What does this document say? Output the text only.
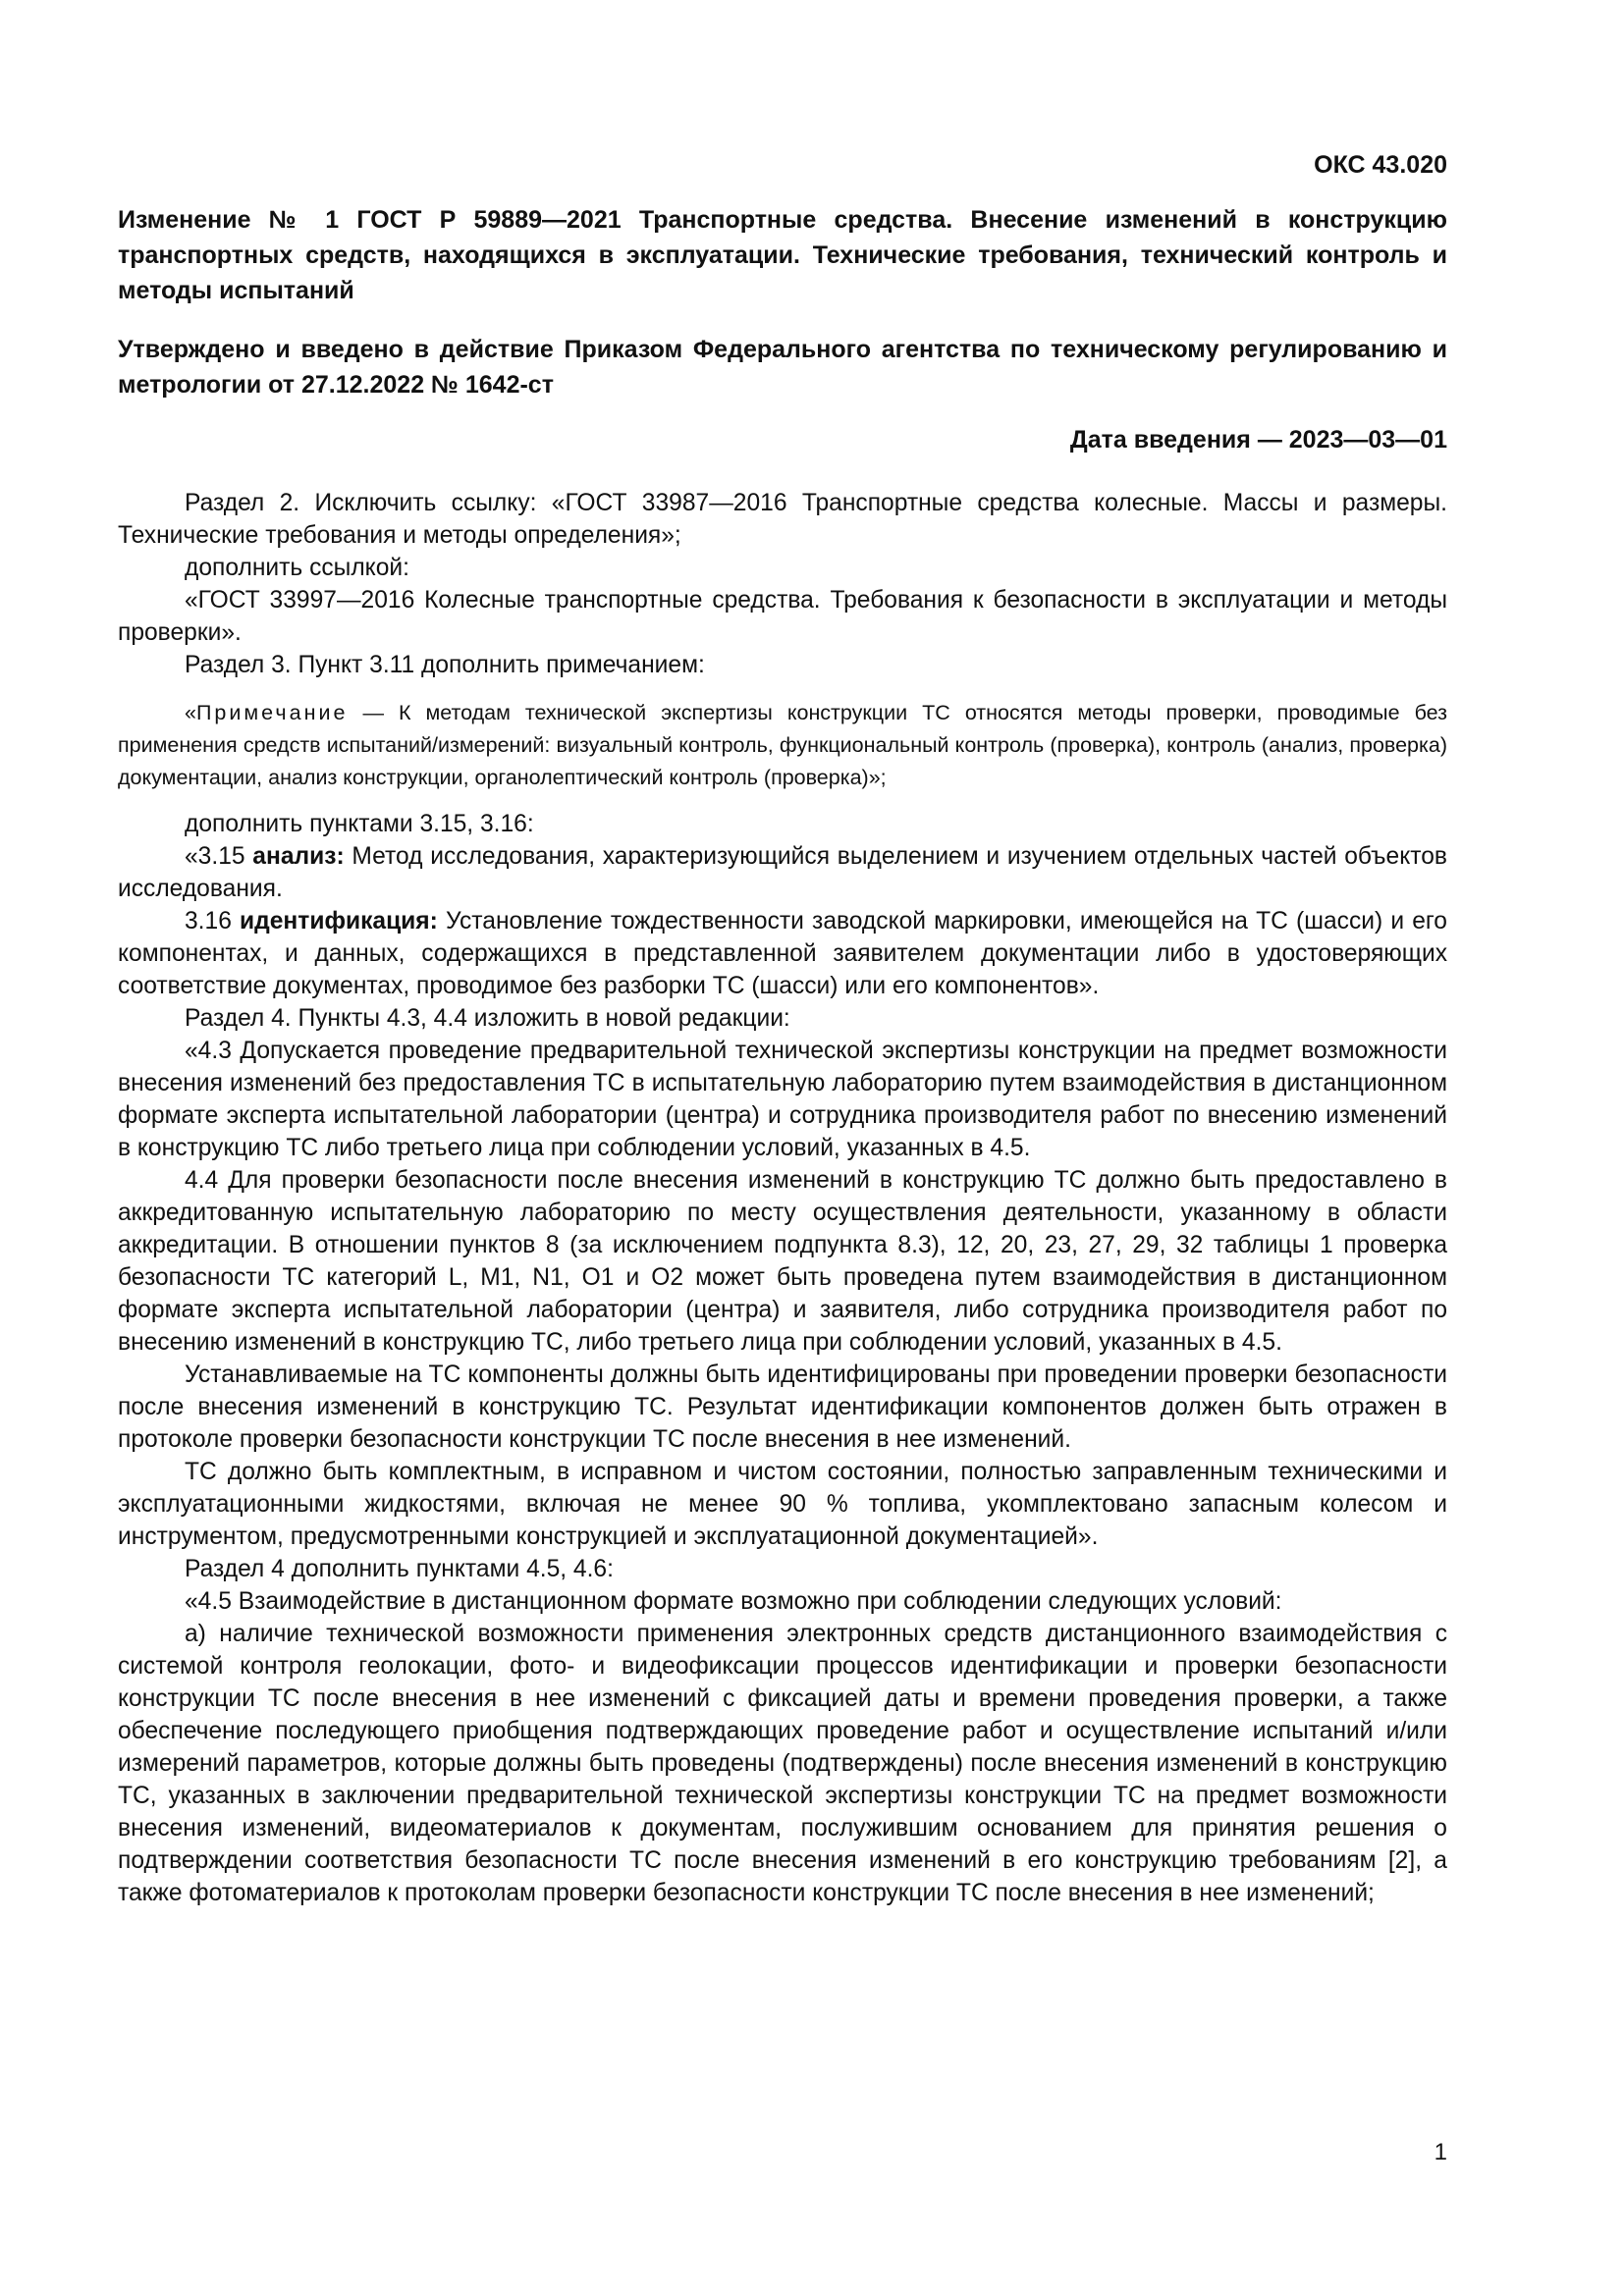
ОКС 43.020
Изменение № 1 ГОСТ Р 59889—2021 Транспортные средства. Внесение изменений в конструкцию транспортных средств, находящихся в эксплуатации. Технические требования, технический контроль и методы испытаний
Утверждено и введено в действие Приказом Федерального агентства по техническому регулированию и метрологии от 27.12.2022 № 1642-ст
Дата введения — 2023—03—01

Раздел 2. Исключить ссылку: «ГОСТ 33987—2016 Транспортные средства колесные. Массы и размеры. Технические требования и методы определения»;

дополнить ссылкой:

«ГОСТ 33997—2016 Колесные транспортные средства. Требования к безопасности в эксплуатации и методы проверки».

Раздел 3. Пункт 3.11 дополнить примечанием:

«Примечание — К методам технической экспертизы конструкции ТС относятся методы проверки, проводимые без применения средств испытаний/измерений: визуальный контроль, функциональный контроль (проверка), контроль (анализ, проверка) документации, анализ конструкции, органолептический контроль (проверка)»;

дополнить пунктами 3.15, 3.16:

«3.15 анализ: Метод исследования, характеризующийся выделением и изучением отдельных частей объектов исследования.

3.16 идентификация: Установление тождественности заводской маркировки, имеющейся на ТС (шасси) и его компонентах, и данных, содержащихся в представленной заявителем документации либо в удостоверяющих соответствие документах, проводимое без разборки ТС (шасси) или его компонентов».

Раздел 4. Пункты 4.3, 4.4 изложить в новой редакции:

«4.3 Допускается проведение предварительной технической экспертизы конструкции на предмет возможности внесения изменений без предоставления ТС в испытательную лабораторию путем взаимодействия в дистанционном формате эксперта испытательной лаборатории (центра) и сотрудника производителя работ по внесению изменений в конструкцию ТС либо третьего лица при соблюдении условий, указанных в 4.5.

4.4 Для проверки безопасности после внесения изменений в конструкцию ТС должно быть предоставлено в аккредитованную испытательную лабораторию по месту осуществления деятельности, указанному в области аккредитации. В отношении пунктов 8 (за исключением подпункта 8.3), 12, 20, 23, 27, 29, 32 таблицы 1 проверка безопасности ТС категорий L, M1, N1, O1 и O2 может быть проведена путем взаимодействия в дистанционном формате эксперта испытательной лаборатории (центра) и заявителя, либо сотрудника производителя работ по внесению изменений в конструкцию ТС, либо третьего лица при соблюдении условий, указанных в 4.5.

Устанавливаемые на ТС компоненты должны быть идентифицированы при проведении проверки безопасности после внесения изменений в конструкцию ТС. Результат идентификации компонентов должен быть отражен в протоколе проверки безопасности конструкции ТС после внесения в нее изменений.

ТС должно быть комплектным, в исправном и чистом состоянии, полностью заправленным техническими и эксплуатационными жидкостями, включая не менее 90 % топлива, укомплектовано запасным колесом и инструментом, предусмотренными конструкцией и эксплуатационной документацией».

Раздел 4 дополнить пунктами 4.5, 4.6:

«4.5 Взаимодействие в дистанционном формате возможно при соблюдении следующих условий:

а) наличие технической возможности применения электронных средств дистанционного взаимодействия с системой контроля геолокации, фото- и видеофиксации процессов идентификации и проверки безопасности конструкции ТС после внесения в нее изменений с фиксацией даты и времени проведения проверки, а также обеспечение последующего приобщения подтверждающих проведение работ и осуществление испытаний и/или измерений параметров, которые должны быть проведены (подтверждены) после внесения изменений в конструкцию ТС, указанных в заключении предварительной технической экспертизы конструкции ТС на предмет возможности внесения изменений, видеоматериалов к документам, послужившим основанием для принятия решения о подтверждении соответствия безопасности ТС после внесения изменений в его конструкцию требованиям [2], а также фотоматериалов к протоколам проверки безопасности конструкции ТС после внесения в нее изменений;

1
